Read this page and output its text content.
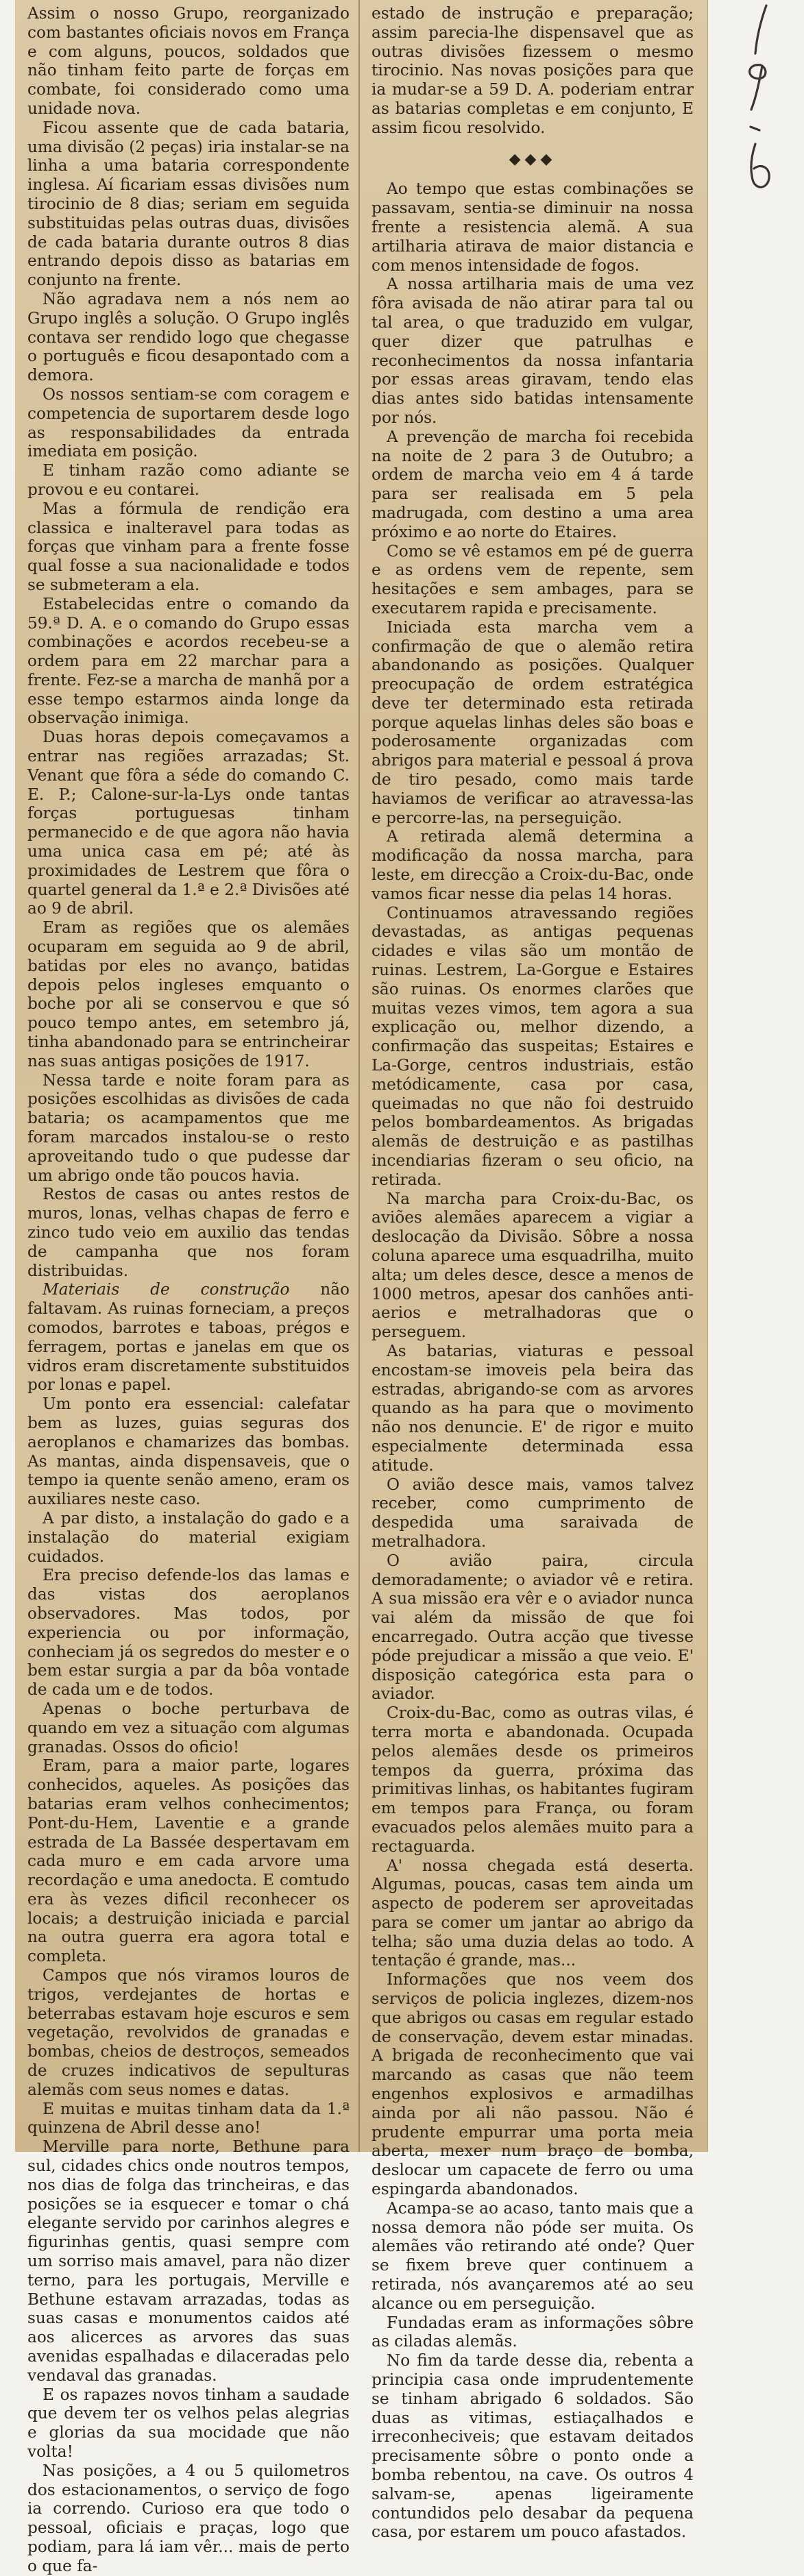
Assim o nosso Grupo, reorganizado com bastantes oficiais novos em França e com alguns, poucos, soldados que não tinham feito parte de forças em combate, foi considerado como uma unidade nova.

Ficou assente que de cada bataria, uma divisão (2 peças) iria instalar-se na linha a uma bataria correspondente inglesa. Aí ficariam essas divisões num tirocinio de 8 dias; seriam em seguida substituidas pelas outras duas, divisões de cada bataria durante outros 8 dias entrando depois disso as batarias em conjunto na frente.

Não agradava nem a nós nem ao Grupo inglês a solução. O Grupo inglês contava ser rendido logo que chegasse o português e ficou desapontado com a demora.

Os nossos sentiam-se com coragem e competencia de suportarem desde logo as responsabilidades da entrada imediata em posição.

E tinham razão como adiante se provou e eu contarei.

Mas a fórmula de rendição era classica e inalteravel para todas as forças que vinham para a frente fosse qual fosse a sua nacionalidade e todos se submeteram a ela.

Estabelecidas entre o comando da 59.ª D. A. e o comando do Grupo essas combinações e acordos recebeu-se a ordem para em 22 marchar para a frente. Fez-se a marcha de manhã por a esse tempo estarmos ainda longe da observação inimiga.

Duas horas depois começavamos a entrar nas regiões arrazadas; St. Venant que fôra a séde do comando C. E. P.; Calone-sur-la-Lys onde tantas forças portuguesas tinham permanecido e de que agora não havia uma unica casa em pé; até às proximidades de Lestrem que fôra o quartel general da 1.ª e 2.ª Divisões até ao 9 de abril.

Eram as regiões que os alemães ocuparam em seguida ao 9 de abril, batidas por eles no avanço, batidas depois pelos ingleses emquanto o boche por ali se conservou e que só pouco tempo antes, em setembro já, tinha abandonado para se entrincheirar nas suas antigas posições de 1917.

Nessa tarde e noite foram para as posições escolhidas as divisões de cada bataria; os acampamentos que me foram marcados instalou-se o resto aproveitando tudo o que pudesse dar um abrigo onde tão poucos havia.

Restos de casas ou antes restos de muros, lonas, velhas chapas de ferro e zinco tudo veio em auxilio das tendas de campanha que nos foram distribuidas.

Materiais de construção não faltavam. As ruinas forneciam, a preços comodos, barrotes e taboas, prégos e ferragem, portas e janelas em que os vidros eram discretamente substituidos por lonas e papel.

Um ponto era essencial: calefatar bem as luzes, guias seguras dos aeroplanos e chamarizes das bombas. As mantas, ainda dispensaveis, que o tempo ia quente senão ameno, eram os auxiliares neste caso.

A par disto, a instalação do gado e a instalação do material exigiam cuidados.

Era preciso defende-los das lamas e das vistas dos aeroplanos observadores. Mas todos, por experiencia ou por informação, conheciam já os segredos do mester e o bem estar surgia a par da bôa vontade de cada um e de todos.

Apenas o boche perturbava de quando em vez a situação com algumas granadas. Ossos do oficio!

Eram, para a maior parte, logares conhecidos, aqueles. As posições das batarias eram velhos conhecimentos; Pont-du-Hem, Laventie e a grande estrada de La Bassée despertavam em cada muro e em cada arvore uma recordação e uma anedocta. E comtudo era às vezes dificil reconhecer os locais; a destruição iniciada e parcial na outra guerra era agora total e completa.

Campos que nós viramos louros de trigos, verdejantes de hortas e beterrabas estavam hoje escuros e sem vegetação, revolvidos de granadas e bombas, cheios de destroços, semeados de cruzes indicativos de sepulturas alemãs com seus nomes e datas.

E muitas e muitas tinham data da 1.ª quinzena de Abril desse ano!

Merville para norte, Bethune para sul, cidades chics onde noutros tempos, nos dias de folga das trincheiras, e das posições se ia esquecer e tomar o chá elegante servido por carinhos alegres e figurinhas gentis, quasi sempre com um sorriso mais amavel, para não dizer terno, para les portugais, Merville e Bethune estavam arrazadas, todas as suas casas e monumentos caidos até aos alicerces as arvores das suas avenidas espalhadas e dilaceradas pelo vendaval das granadas.

E os rapazes novos tinham a saudade que devem ter os velhos pelas alegrias e glorias da sua mocidade que não volta!

Nas posições, a 4 ou 5 quilometros dos estacionamentos, o serviço de fogo ia correndo. Curioso era que todo o pessoal, oficiais e praças, logo que podiam, para lá iam vêr... mais de perto o que fa-

estado de instrução e preparação; assim parecia-lhe dispensavel que as outras divisões fizessem o mesmo tirocinio. Nas novas posições para que ia mudar-se a 59 D. A. poderiam entrar as batarias completas e em conjunto, E assim ficou resolvido.

◆◆◆

Ao tempo que estas combinações se passavam, sentia-se diminuir na nossa frente a resistencia alemã. A sua artilharia atirava de maior distancia e com menos intensidade de fogos.

A nossa artilharia mais de uma vez fôra avisada de não atirar para tal ou tal area, o que traduzido em vulgar, quer dizer que patrulhas e reconhecimentos da nossa infantaria por essas areas giravam, tendo elas dias antes sido batidas intensamente por nós.

A prevenção de marcha foi recebida na noite de 2 para 3 de Outubro; a ordem de marcha veio em 4 á tarde para ser realisada em 5 pela madrugada, com destino a uma area próximo e ao norte do Etaires.

Como se vê estamos em pé de guerra e as ordens vem de repente, sem hesitações e sem ambages, para se executarem rapida e precisamente.

Iniciada esta marcha vem a confirmação de que o alemão retira abandonando as posições. Qualquer preocupação de ordem estratégica deve ter determinado esta retirada porque aquelas linhas deles são boas e poderosamente organizadas com abrigos para material e pessoal á prova de tiro pesado, como mais tarde haviamos de verificar ao atravessa-las e percorre-las, na perseguição.

A retirada alemã determina a modificação da nossa marcha, para leste, em direcção a Croix-du-Bac, onde vamos ficar nesse dia pelas 14 horas.

Continuamos atravessando regiões devastadas, as antigas pequenas cidades e vilas são um montão de ruinas. Lestrem, La-Gorgue e Estaires são ruinas. Os enormes clarões que muitas vezes vimos, tem agora a sua explicação ou, melhor dizendo, a confirmação das suspeitas; Estaires e La-Gorge, centros industriais, estão metódicamente, casa por casa, queimadas no que não foi destruido pelos bombardeamentos. As brigadas alemãs de destruição e as pastilhas incendiarias fizeram o seu oficio, na retirada.

Na marcha para Croix-du-Bac, os aviões alemães aparecem a vigiar a deslocação da Divisão. Sôbre a nossa coluna aparece uma esquadrilha, muito alta; um deles desce, desce a menos de 1000 metros, apesar dos canhões anti-aerios e metralhadoras que o perseguem.

As batarias, viaturas e pessoal encostam-se imoveis pela beira das estradas, abrigando-se com as arvores quando as ha para que o movimento não nos denuncie. E' de rigor e muito especialmente determinada essa atitude.

O avião desce mais, vamos talvez receber, como cumprimento de despedida uma saraivada de metralhadora.

O avião paira, circula demoradamente; o aviador vê e retira. A sua missão era vêr e o aviador nunca vai além da missão de que foi encarregado. Outra acção que tivesse póde prejudicar a missão a que veio. E' disposição categórica esta para o aviador.

Croix-du-Bac, como as outras vilas, é terra morta e abandonada. Ocupada pelos alemães desde os primeiros tempos da guerra, próxima das primitivas linhas, os habitantes fugiram em tempos para França, ou foram evacuados pelos alemães muito para a rectaguarda.

A' nossa chegada está deserta. Algumas, poucas, casas tem ainda um aspecto de poderem ser aproveitadas para se comer um jantar ao abrigo da telha; são uma duzia delas ao todo. A tentação é grande, mas...

Informações que nos veem dos serviços de policia inglezes, dizem-nos que abrigos ou casas em regular estado de conservação, devem estar minadas. A brigada de reconhecimento que vai marcando as casas que não teem engenhos explosivos e armadilhas ainda por ali não passou. Não é prudente empurrar uma porta meia aberta, mexer num braço de bomba, deslocar um capacete de ferro ou uma espingarda abandonados.

Acampa-se ao acaso, tanto mais que a nossa demora não póde ser muita. Os alemães vão retirando até onde? Quer se fixem breve quer continuem a retirada, nós avançaremos até ao seu alcance ou em perseguição.

Fundadas eram as informações sôbre as ciladas alemãs.

No fim da tarde desse dia, rebenta a principia casa onde imprudentemente se tinham abrigado 6 soldados. São duas as vitimas, estiaçalhados e irreconheciveis; que estavam deitados precisamente sôbre o ponto onde a bomba rebentou, na cave. Os outros 4 salvam-se, apenas ligeiramente contundidos pelo desabar da pequena casa, por estarem um pouco afastados.
